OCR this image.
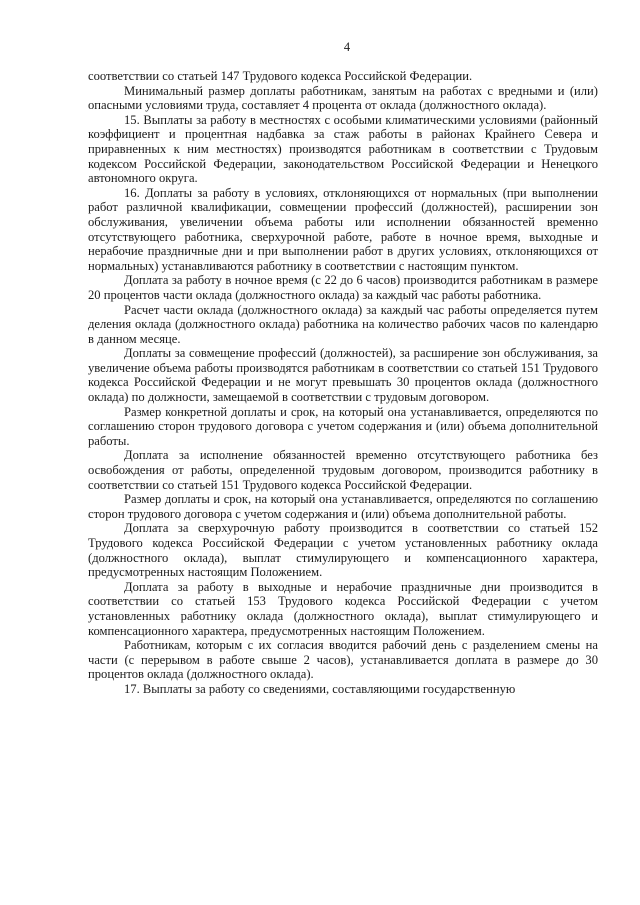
4

соответствии со статьей 147 Трудового кодекса Российской Федерации.

Минимальный размер доплаты работникам, занятым на работах с вредными и (или) опасными условиями труда, составляет 4 процента от оклада (должностного оклада).

15. Выплаты за работу в местностях с особыми климатическими условиями (районный коэффициент и процентная надбавка за стаж работы в районах Крайнего Севера и приравненных к ним местностях) производятся работникам в соответствии с Трудовым кодексом Российской Федерации, законодательством Российской Федерации и Ненецкого автономного округа.

16. Доплаты за работу в условиях, отклоняющихся от нормальных (при выполнении работ различной квалификации, совмещении профессий (должностей), расширении зон обслуживания, увеличении объема работы или исполнении обязанностей временно отсутствующего работника, сверхурочной работе, работе в ночное время, выходные и нерабочие праздничные дни и при выполнении работ в других условиях, отклоняющихся от нормальных) устанавливаются работнику в соответствии с настоящим пунктом.

Доплата за работу в ночное время (с 22 до 6 часов) производится работникам в размере 20 процентов части оклада (должностного оклада) за каждый час работы работника.

Расчет части оклада (должностного оклада) за каждый час работы определяется путем деления оклада (должностного оклада) работника на количество рабочих часов по календарю в данном месяце.

Доплаты за совмещение профессий (должностей), за расширение зон обслуживания, за увеличение объема работы производятся работникам в соответствии со статьей 151 Трудового кодекса Российской Федерации и не могут превышать 30 процентов оклада (должностного оклада) по должности, замещаемой в соответствии с трудовым договором.

Размер конкретной доплаты и срок, на который она устанавливается, определяются по соглашению сторон трудового договора с учетом содержания и (или) объема дополнительной работы.

Доплата за исполнение обязанностей временно отсутствующего работника без освобождения от работы, определенной трудовым договором, производится работнику в соответствии со статьей 151 Трудового кодекса Российской Федерации.

Размер доплаты и срок, на который она устанавливается, определяются по соглашению сторон трудового договора с учетом содержания и (или) объема дополнительной работы.

Доплата за сверхурочную работу производится в соответствии со статьей 152 Трудового кодекса Российской Федерации с учетом установленных работнику оклада (должностного оклада), выплат стимулирующего и компенсационного характера, предусмотренных настоящим Положением.

Доплата за работу в выходные и нерабочие праздничные дни производится в соответствии со статьей 153 Трудового кодекса Российской Федерации с учетом установленных работнику оклада (должностного оклада), выплат стимулирующего и компенсационного характера, предусмотренных настоящим Положением.

Работникам, которым с их согласия вводится рабочий день с разделением смены на части (с перерывом в работе свыше 2 часов), устанавливается доплата в размере до 30 процентов оклада (должностного оклада).

17. Выплаты за работу со сведениями, составляющими государственную
